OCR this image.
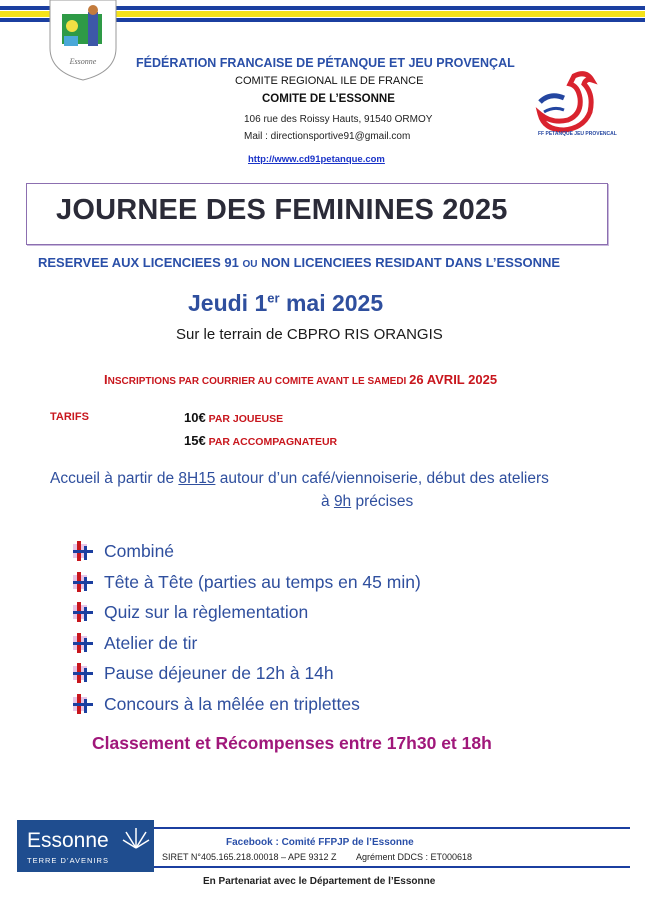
Essonne	FÉDÉRATION FRANCAISE DE PÉTANQUE ET JEU PROVENÇAL
COMITE REGIONAL ILE DE FRANCE
COMITE DE L’ESSONNE
106 rue des Roissy Hauts, 91540 ORMOY
Mail : directionsportive91@gmail.com
http://www.cd91petanque.com
FF PETANQUE JEU PROVENCAL
JOURNEE DES FEMININES 2025
RESERVEE AUX LICENCIEES 91 OU NON LICENCIEES RESIDANT DANS L’ESSONNE
Jeudi 1er mai 2025
Sur le terrain de CBPRO RIS ORANGIS
INSCRIPTIONS PAR COURRIER AU COMITE AVANT LE SAMEDI 26 AVRIL 2025
TARIFS	10€ PAR JOUEUSE
15€ PAR ACCOMPAGNATEUR
Accueil à partir de 8H15 autour d’un café/viennoiserie, début des ateliers
à 9h précises
Combiné
Tête à Tête (parties au temps en 45 min)
Quiz sur la règlementation
Atelier de tir
Pause déjeuner de 12h à 14h
Concours à la mêlée en triplettes
Classement et Récompenses entre 17h30 et 18h
Essonne
TERRE D’AVENIRS
Facebook : Comité FFPJP de l’Essonne
SIRET N°405.165.218.00018 – APE 9312 Z Agrément DDCS : ET000618
En Partenariat avec le Département de l’Essonne
